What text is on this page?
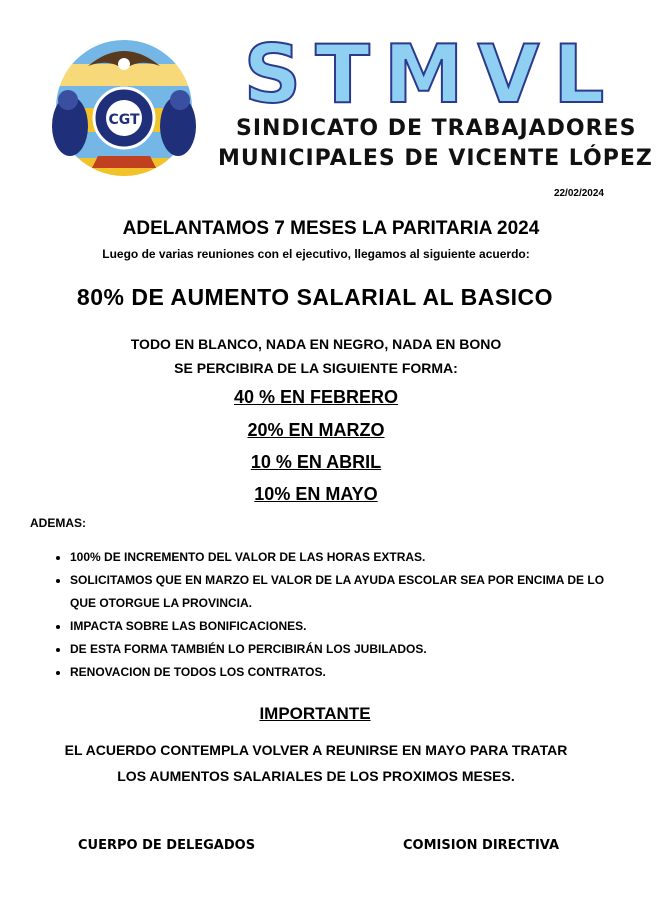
CGT STMVL
SINDICATO DE TRABAJADORES
MUNICIPALES DE VICENTE LÓPEZ
22/02/2024
ADELANTAMOS 7 MESES LA PARITARIA 2024
Luego de varias reuniones con el ejecutivo, llegamos al siguiente acuerdo:
80% DE AUMENTO SALARIAL AL BASICO
TODO EN BLANCO, NADA EN NEGRO, NADA EN BONO
SE PERCIBIRA DE LA SIGUIENTE FORMA:
40 % EN FEBRERO
20% EN MARZO
10 % EN ABRIL
10% EN MAYO
ADEMAS:
• 100% DE INCREMENTO DEL VALOR DE LAS HORAS EXTRAS.
• SOLICITAMOS QUE EN MARZO EL VALOR DE LA AYUDA ESCOLAR SEA POR ENCIMA DE LO QUE OTORGUE LA PROVINCIA.
• IMPACTA SOBRE LAS BONIFICACIONES.
• DE ESTA FORMA TAMBIÉN LO PERCIBIRÁN LOS JUBILADOS.
• RENOVACION DE TODOS LOS CONTRATOS.
IMPORTANTE
EL ACUERDO CONTEMPLA VOLVER A REUNIRSE EN MAYO PARA TRATAR
LOS AUMENTOS SALARIALES DE LOS PROXIMOS MESES.
CUERPO DE DELEGADOS	COMISION DIRECTIVA
